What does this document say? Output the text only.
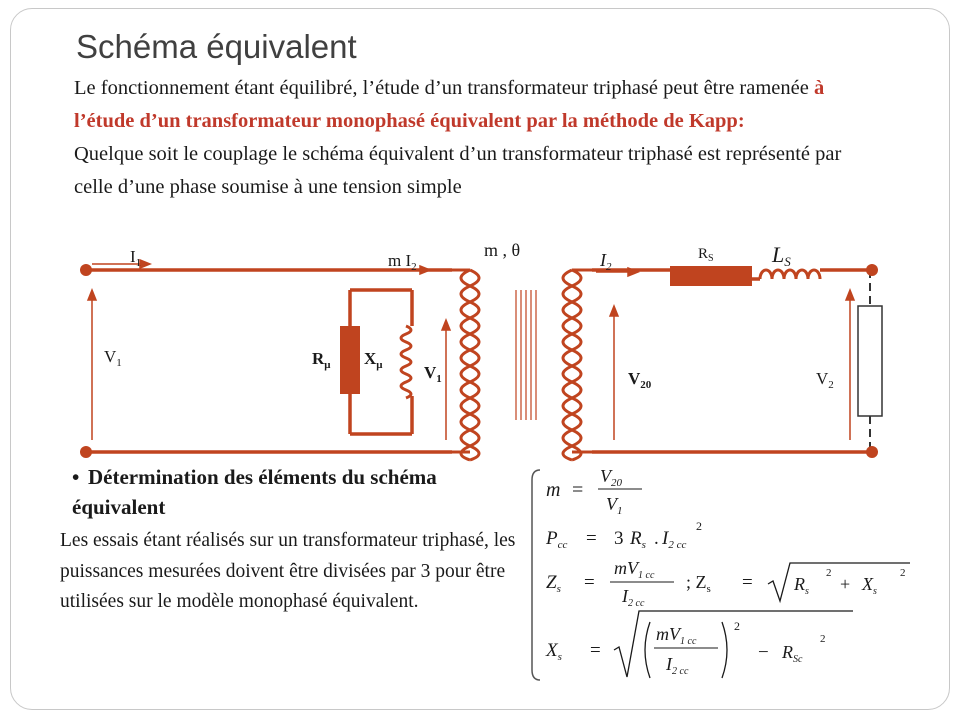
Schéma équivalent
Le fonctionnement étant équilibré, l’étude d’un transformateur triphasé peut être ramenée à l’étude d’un transformateur monophasé équivalent par la méthode de Kapp:
Quelque soit le couplage le schéma équivalent d’un transformateur triphasé est représenté par celle d’une phase soumise à une tension simple
$I_1$	m $I_2$
m , θ	$I_2$
$R_S$	LS
$V_1$	$R_\mu$ $X_\mu$ $V_1$	$V_{20}$	$V_2$
m =
$V_{20}$
$V_1$
$P_{cc} = 3$ $R_s$ . $I_{2 cc}$
2
$Z_s$ =
$mV_{1 cc}$
$I_{2 cc}$
; $Z_s = R_s$
2
+ $X_s$
2
$X_s$ =
$mV_{1 cc}$
$I_{2 cc}$
2
− $R_{Sc}$
2
• Détermination des éléments du schéma équivalent
Les essais étant réalisés sur un transformateur triphasé, les puissances mesurées doivent être divisées par 3 pour être utilisées sur le modèle monophasé équivalent.
